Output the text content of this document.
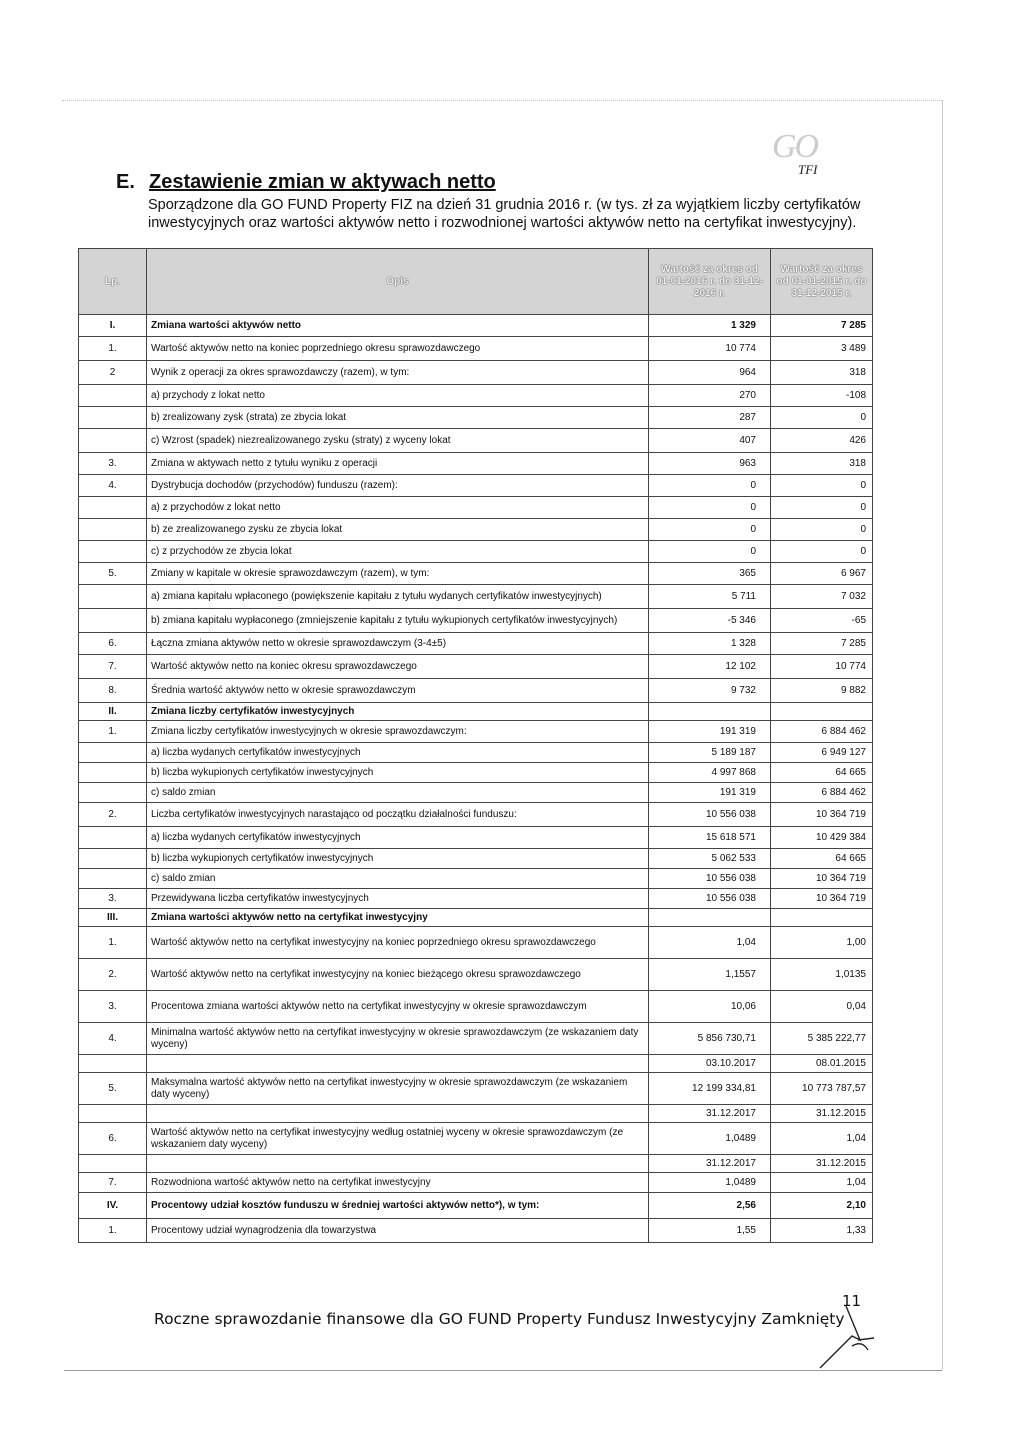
GO
TFI
E. Zestawienie zmian w aktywach netto
Sporządzone dla GO FUND Property FIZ na dzień 31 grudnia 2016 r. (w tys. zł za wyjątkiem liczby certyfikatów inwestycyjnych oraz wartości aktywów netto i rozwodnionej wartości aktywów netto na certyfikat inwestycyjny).
Lp.	Opis	Wartość za okres od 01-01-2016 r. do 31-12-2016 r.	Wartość za okres od 01-01-2015 r. do 31-12-2015 r.
I.	Zmiana wartości aktywów netto	1 329	7 285
1.	Wartość aktywów netto na koniec poprzedniego okresu sprawozdawczego	10 774	3 489
2	Wynik z operacji za okres sprawozdawczy (razem), w tym:	964	318
	a) przychody z lokat netto	270	-108
	b) zrealizowany zysk (strata) ze zbycia lokat	287	0
	c) Wzrost (spadek) niezrealizowanego zysku (straty) z wyceny lokat	407	426
3.	Zmiana w aktywach netto z tytułu wyniku z operacji	963	318
4.	Dystrybucja dochodów (przychodów) funduszu (razem):	0	0
	a) z przychodów z lokat netto	0	0
	b) ze zrealizowanego zysku ze zbycia lokat	0	0
	c) z przychodów ze zbycia lokat	0	0
5.	Zmiany w kapitale w okresie sprawozdawczym (razem), w tym:	365	6 967
	a) zmiana kapitału wpłaconego (powiększenie kapitału z tytułu wydanych certyfikatów inwestycyjnych)	5 711	7 032
	b) zmiana kapitału wypłaconego (zmniejszenie kapitału z tytułu wykupionych certyfikatów inwestycyjnych)	-5 346	-65
6.	Łączna zmiana aktywów netto w okresie sprawozdawczym (3-4±5)	1 328	7 285
7.	Wartość aktywów netto na koniec okresu sprawozdawczego	12 102	10 774
8.	Średnia wartość aktywów netto w okresie sprawozdawczym	9 732	9 882
II.	Zmiana liczby certyfikatów inwestycyjnych		
1.	Zmiana liczby certyfikatów inwestycyjnych w okresie sprawozdawczym:	191 319	6 884 462
	a) liczba wydanych certyfikatów inwestycyjnych	5 189 187	6 949 127
	b) liczba wykupionych certyfikatów inwestycyjnych	4 997 868	64 665
	c) saldo zmian	191 319	6 884 462
2.	Liczba certyfikatów inwestycyjnych narastająco od początku działalności funduszu:	10 556 038	10 364 719
	a) liczba wydanych certyfikatów inwestycyjnych	15 618 571	10 429 384
	b) liczba wykupionych certyfikatów inwestycyjnych	5 062 533	64 665
	c) saldo zmian	10 556 038	10 364 719
3.	Przewidywana liczba certyfikatów inwestycyjnych	10 556 038	10 364 719
III.	Zmiana wartości aktywów netto na certyfikat inwestycyjny		
1.	Wartość aktywów netto na certyfikat inwestycyjny na koniec poprzedniego okresu sprawozdawczego	1,04	1,00
2.	Wartość aktywów netto na certyfikat inwestycyjny na koniec bieżącego okresu sprawozdawczego	1,1557	1,0135
3.	Procentowa zmiana wartości aktywów netto na certyfikat inwestycyjny w okresie sprawozdawczym	10,06	0,04
4.	Minimalna wartość aktywów netto na certyfikat inwestycyjny w okresie sprawozdawczym (ze wskazaniem daty wyceny)	5 856 730,71	5 385 222,77
		03.10.2017	08.01.2015
5.	Maksymalna wartość aktywów netto na certyfikat inwestycyjny w okresie sprawozdawczym (ze wskazaniem daty wyceny)	12 199 334,81	10 773 787,57
		31.12.2017	31.12.2015
6.	Wartość aktywów netto na certyfikat inwestycyjny według ostatniej wyceny w okresie sprawozdawczym (ze wskazaniem daty wyceny)	1,0489	1,04
		31.12.2017	31.12.2015
7.	Rozwodniona wartość aktywów netto na certyfikat inwestycyjny	1,0489	1,04
IV.	Procentowy udział kosztów funduszu w średniej wartości aktywów netto*), w tym:	2,56	2,10
1.	Procentowy udział wynagrodzenia dla towarzystwa	1,55	1,33
11
Roczne sprawozdanie finansowe dla GO FUND Property Fundusz Inwestycyjny Zamknięty
